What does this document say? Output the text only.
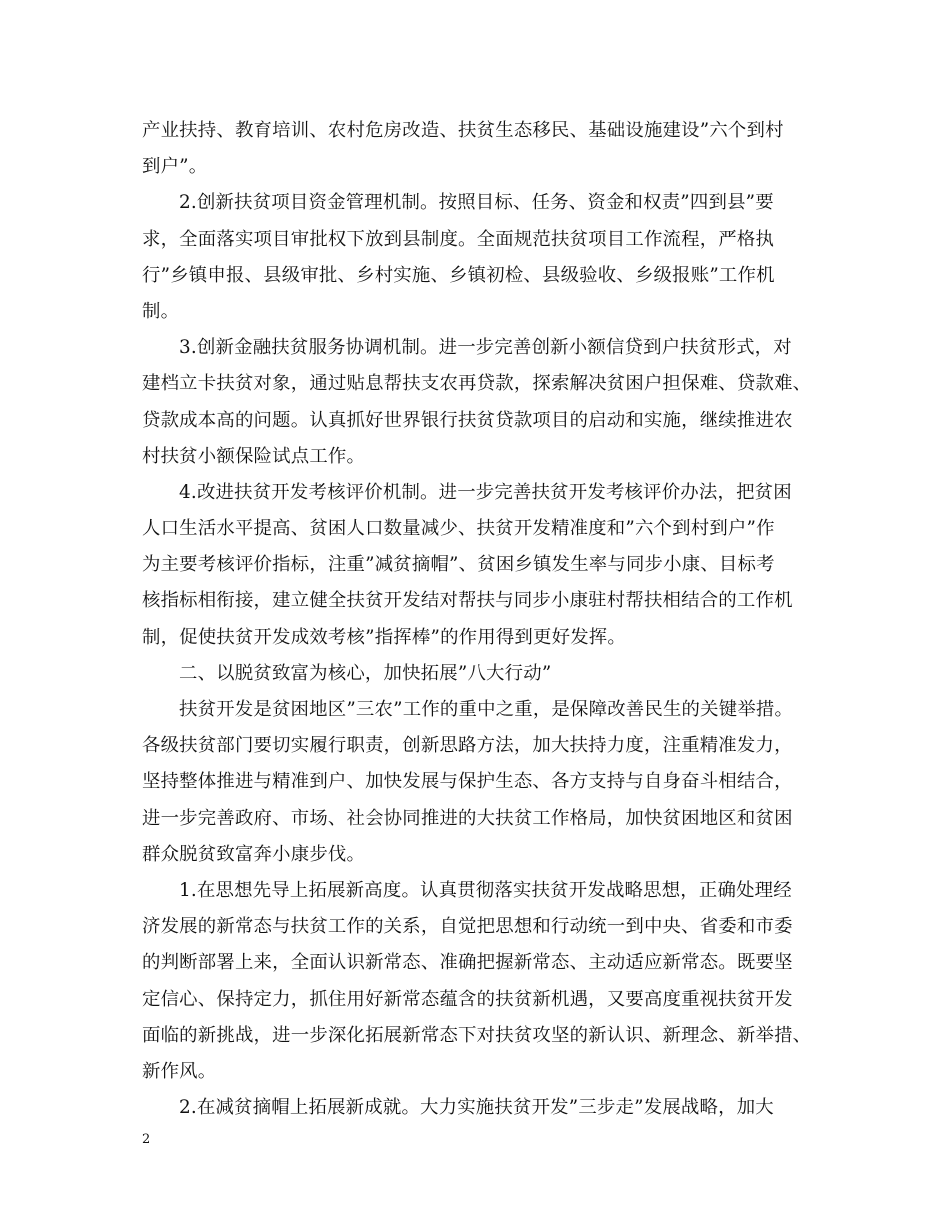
产业扶持、教育培训、农村危房改造、扶贫生态移民、基础设施建设”六个到村
到户”。
2.创新扶贫项目资金管理机制。按照目标、任务、资金和权责”四到县”要
求，全面落实项目审批权下放到县制度。全面规范扶贫项目工作流程，严格执
行”乡镇申报、县级审批、乡村实施、乡镇初检、县级验收、乡级报账”工作机
制。
3.创新金融扶贫服务协调机制。进一步完善创新小额信贷到户扶贫形式，对
建档立卡扶贫对象，通过贴息帮扶支农再贷款，探索解决贫困户担保难、贷款难、
贷款成本高的问题。认真抓好世界银行扶贫贷款项目的启动和实施，继续推进农
村扶贫小额保险试点工作。
4.改进扶贫开发考核评价机制。进一步完善扶贫开发考核评价办法，把贫困
人口生活水平提高、贫困人口数量减少、扶贫开发精准度和”六个到村到户”作
为主要考核评价指标，注重”减贫摘帽”、贫困乡镇发生率与同步小康、目标考
核指标相衔接，建立健全扶贫开发结对帮扶与同步小康驻村帮扶相结合的工作机
制，促使扶贫开发成效考核”指挥棒”的作用得到更好发挥。
二、以脱贫致富为核心，加快拓展”八大行动”
扶贫开发是贫困地区”三农”工作的重中之重，是保障改善民生的关键举措。
各级扶贫部门要切实履行职责，创新思路方法，加大扶持力度，注重精准发力，
坚持整体推进与精准到户、加快发展与保护生态、各方支持与自身奋斗相结合，
进一步完善政府、市场、社会协同推进的大扶贫工作格局，加快贫困地区和贫困
群众脱贫致富奔小康步伐。
1.在思想先导上拓展新高度。认真贯彻落实扶贫开发战略思想，正确处理经
济发展的新常态与扶贫工作的关系，自觉把思想和行动统一到中央、省委和市委
的判断部署上来，全面认识新常态、准确把握新常态、主动适应新常态。既要坚
定信心、保持定力，抓住用好新常态蕴含的扶贫新机遇，又要高度重视扶贫开发
面临的新挑战，进一步深化拓展新常态下对扶贫攻坚的新认识、新理念、新举措、
新作风。
2.在减贫摘帽上拓展新成就。大力实施扶贫开发”三步走”发展战略，加大
2
